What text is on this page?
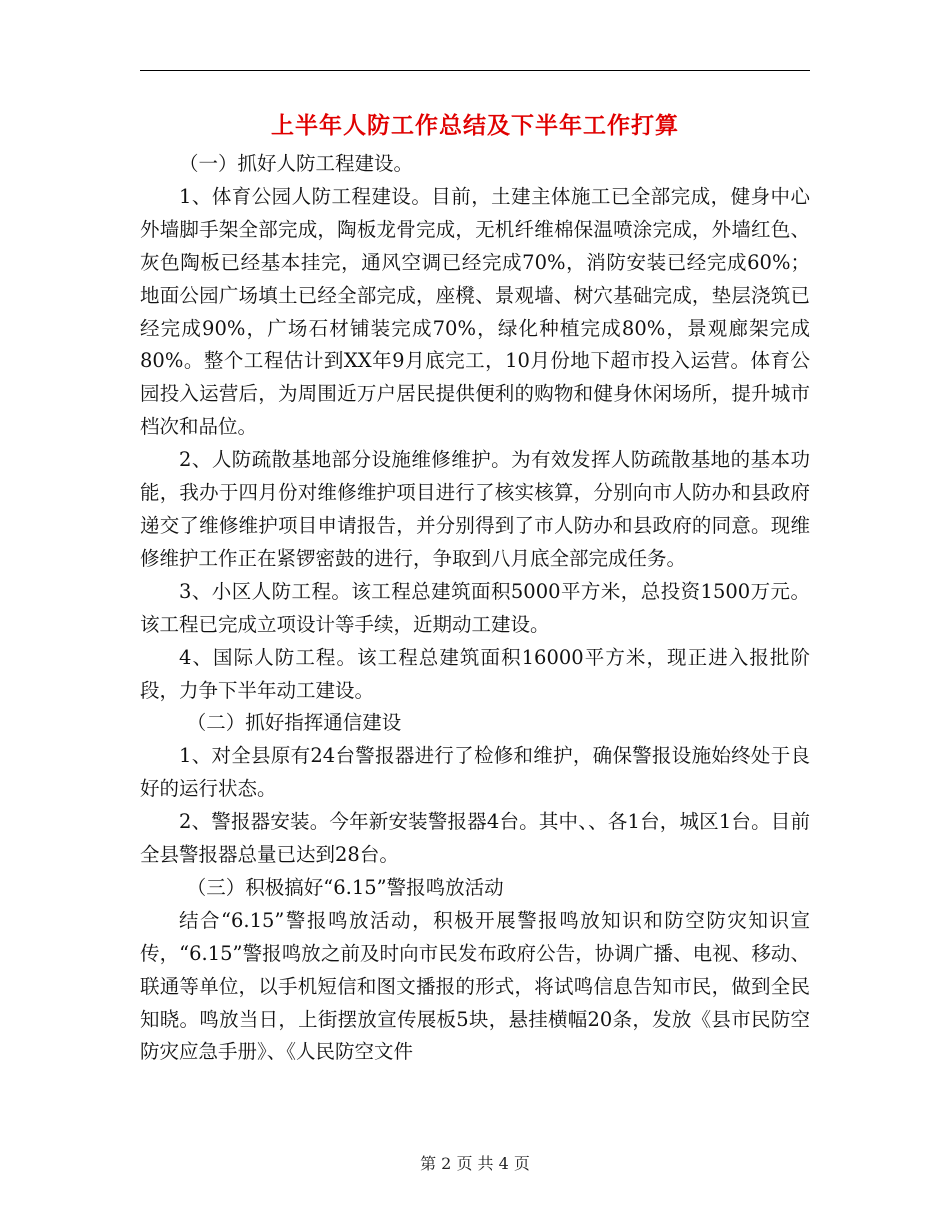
上半年人防工作总结及下半年工作打算

（一）抓好人防工程建设。

1、体育公园人防工程建设。目前，土建主体施工已全部完成，健身中心外墙脚手架全部完成，陶板龙骨完成，无机纤维棉保温喷涂完成，外墙红色、灰色陶板已经基本挂完，通风空调已经完成70%，消防安装已经完成60%；地面公园广场填土已经全部完成，座櫈、景观墙、树穴基础完成，垫层浇筑已经完成90%，广场石材铺装完成70%，绿化种植完成80%，景观廊架完成80%。整个工程估计到XX年9月底完工，10月份地下超市投入运营。体育公园投入运营后，为周围近万户居民提供便利的购物和健身休闲场所，提升城市档次和品位。

2、人防疏散基地部分设施维修维护。为有效发挥人防疏散基地的基本功能，我办于四月份对维修维护项目进行了核实核算，分别向市人防办和县政府递交了维修维护项目申请报告，并分别得到了市人防办和县政府的同意。现维修维护工作正在紧锣密鼓的进行，争取到八月底全部完成任务。

3、小区人防工程。该工程总建筑面积5000平方米，总投资1500万元。该工程已完成立项设计等手续，近期动工建设。

4、国际人防工程。该工程总建筑面积16000平方米，现正进入报批阶段，力争下半年动工建设。

（二）抓好指挥通信建设

1、对全县原有24台警报器进行了检修和维护，确保警报设施始终处于良好的运行状态。

2、警报器安装。今年新安装警报器4台。其中、、各1台，城区1台。目前全县警报器总量已达到28台。

（三）积极搞好“6.15”警报鸣放活动

结合“6.15”警报鸣放活动，积极开展警报鸣放知识和防空防灾知识宣传，“6.15”警报鸣放之前及时向市民发布政府公告，协调广播、电视、移动、联通等单位，以手机短信和图文播报的形式，将试鸣信息告知市民，做到全民知晓。鸣放当日，上街摆放宣传展板5块，悬挂横幅20条，发放《县市民防空防灾应急手册》、《人民防空文件

第 2 页 共 4 页
